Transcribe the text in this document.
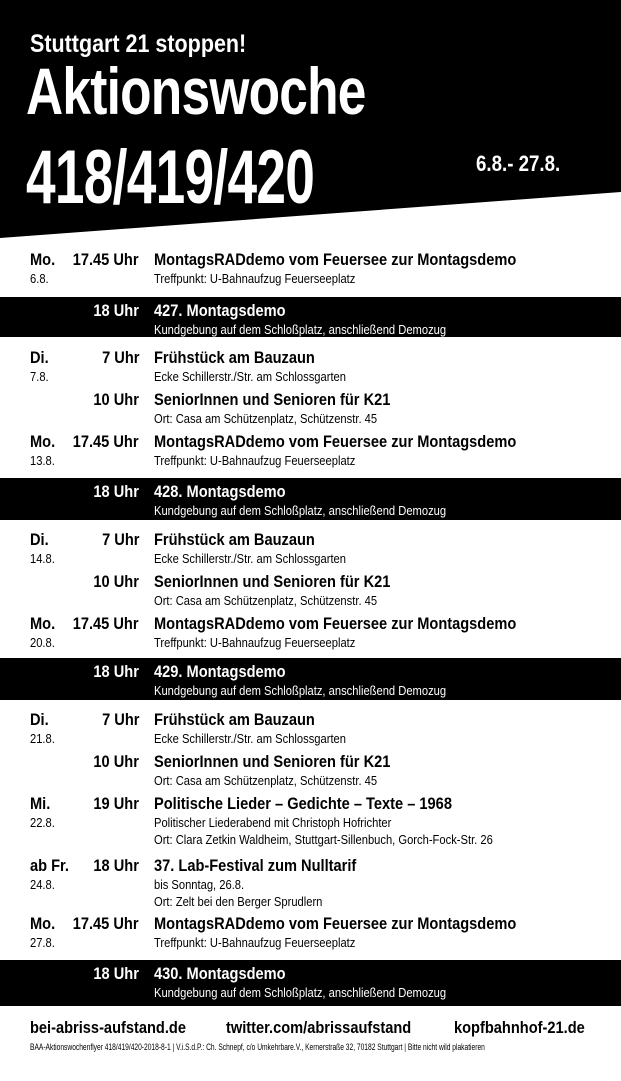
Stuttgart 21 stoppen!
Aktionswoche
418/419/420	6.8.- 27.8.
Mo.
6.8.
17.45 Uhr MontagsRADdemo vom Feuersee zur Montagsdemo
Treffpunkt: U-Bahnaufzug Feuerseeplatz
18 Uhr 427. Montagsdemo
Kundgebung auf dem Schloßplatz, anschließend Demozug
Di.
7.8.
7 Uhr Frühstück am Bauzaun
Ecke Schillerstr./Str. am Schlossgarten
10 Uhr SeniorInnen und Senioren für K21
Ort: Casa am Schützenplatz, Schützenstr. 45
Mo.
13.8.
17.45 Uhr MontagsRADdemo vom Feuersee zur Montagsdemo
Treffpunkt: U-Bahnaufzug Feuerseeplatz
18 Uhr 428. Montagsdemo
Kundgebung auf dem Schloßplatz, anschließend Demozug
Di.
14.8.
7 Uhr Frühstück am Bauzaun
Ecke Schillerstr./Str. am Schlossgarten
10 Uhr SeniorInnen und Senioren für K21
Ort: Casa am Schützenplatz, Schützenstr. 45
Mo.
20.8.
17.45 Uhr MontagsRADdemo vom Feuersee zur Montagsdemo
Treffpunkt: U-Bahnaufzug Feuerseeplatz
18 Uhr 429. Montagsdemo
Kundgebung auf dem Schloßplatz, anschließend Demozug
Di.
21.8.
7 Uhr Frühstück am Bauzaun
Ecke Schillerstr./Str. am Schlossgarten
10 Uhr SeniorInnen und Senioren für K21
Ort: Casa am Schützenplatz, Schützenstr. 45
Mi.
22.8.
19 Uhr Politische Lieder – Gedichte – Texte – 1968
Politischer Liederabend mit Christoph Hofrichter
Ort: Clara Zetkin Waldheim, Stuttgart-Sillenbuch, Gorch-Fock-Str. 26
ab Fr.
24.8.
18 Uhr 37. Lab-Festival zum Nulltarif
bis Sonntag, 26.8.
Ort: Zelt bei den Berger Sprudlern
Mo.
27.8.
17.45 Uhr MontagsRADdemo vom Feuersee zur Montagsdemo
Treffpunkt: U-Bahnaufzug Feuerseeplatz
18 Uhr 430. Montagsdemo
Kundgebung auf dem Schloßplatz, anschließend Demozug
bei-abriss-aufstand.de twitter.com/abrissaufstand	kopfbahnhof-21.de
BAA-Aktionswochenflyer 418/419/420-2018-8-1 | V.i.S.d.P.: Ch. Schnepf, c/o Umkehrbare.V., Kernerstraße 32, 70182 Stuttgart | Bitte nicht wild plakatieren
